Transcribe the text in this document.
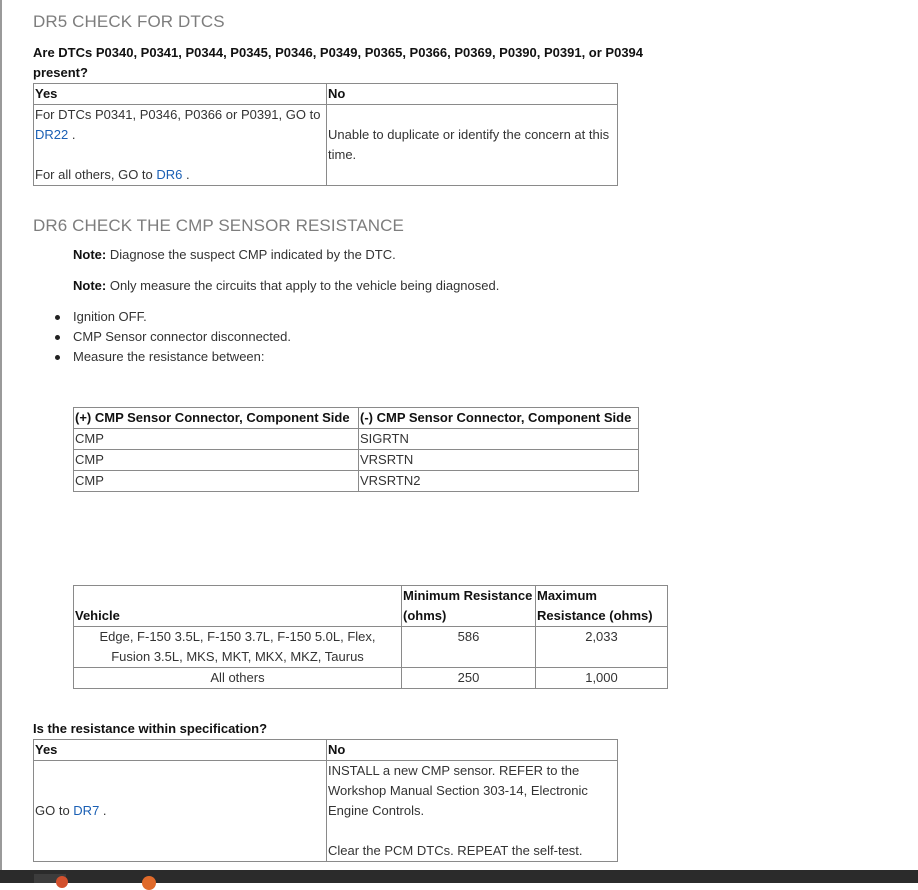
DR5 CHECK FOR DTCS
Are DTCs P0340, P0341, P0344, P0345, P0346, P0349, P0365, P0366, P0369, P0390, P0391, or P0394 present?
Yes	No

For DTCs P0341, P0346, P0366 or P0391, GO to DR22 .
For all others, GO to DR6 .	Unable to duplicate or identify the concern at this time.
DR6 CHECK THE CMP SENSOR RESISTANCE
Note: Diagnose the suspect CMP indicated by the DTC.
Note: Only measure the circuits that apply to the vehicle being diagnosed.
Ignition OFF.
CMP Sensor connector disconnected.
Measure the resistance between:
(+) CMP Sensor Connector, Component Side	(-) CMP Sensor Connector, Component Side
CMP	SIGRTN
CMP	VRSRTN
CMP	VRSRTN2
Vehicle	Minimum Resistance (ohms)	Maximum Resistance (ohms)
Edge, F-150 3.5L, F-150 3.7L, F-150 5.0L, Flex, Fusion 3.5L, MKS, MKT, MKX, MKZ, Taurus	586	2,033
All others	250	1,000
Is the resistance within specification?
Yes	No
GO to DR7 .	INSTALL a new CMP sensor. REFER to the Workshop Manual Section 303-14, Electronic Engine Controls.
Clear the PCM DTCs. REPEAT the self-test.
